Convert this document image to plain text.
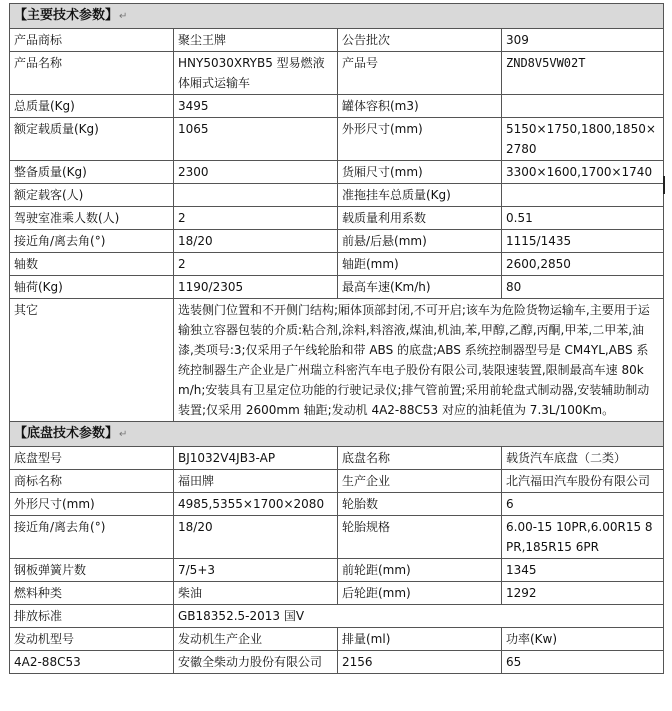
【主要技术参数】↵			
产品商标	聚尘王牌	公告批次	309
产品名称	HNY5030XRYB5 型易燃液体厢式运输车	产品号	ZND8V5VW02T
总质量(Kg)	3495	罐体容积(m3)	
额定载质量(Kg)	1065	外形尺寸(mm)	5150×1750,1800,1850×2780
整备质量(Kg)	2300	货厢尺寸(mm)	3300×1600,1700×1740
额定载客(人)		准拖挂车总质量(Kg)	
驾驶室准乘人数(人)	2	载质量利用系数	0.51
接近角/离去角(°)	18/20	前悬/后悬(mm)	1115/1435
轴数	2	轴距(mm)	2600,2850
轴荷(Kg)	1190/2305	最高车速(Km/h)	80
其它	选装侧门位置和不开侧门结构;厢体顶部封闭,不可开启;该车为危险货物运输车,主要用于运输独立容器包装的介质:粘合剂,涂料,料溶液,煤油,机油,苯,甲醇,乙醇,丙酮,甲苯,二甲苯,油漆,类项号:3;仅采用子午线轮胎和带 ABS 的底盘;ABS 系统控制器型号是 CM4YL,ABS 系统控制器生产企业是广州瑞立科密汽车电子股份有限公司,装限速装置,限制最高车速 80km/h;安装具有卫星定位功能的行驶记录仪;排气管前置;采用前轮盘式制动器,安装辅助制动装置;仅采用 2600mm 轴距;发动机 4A2-88C53 对应的油耗值为 7.3L/100Km。		
【底盘技术参数】↵			
底盘型号	BJ1032V4JB3-AP	底盘名称	载货汽车底盘（二类）
商标名称	福田牌	生产企业	北汽福田汽车股份有限公司
外形尺寸(mm)	4985,5355×1700×2080	轮胎数	6
接近角/离去角(°)	18/20	轮胎规格	6.00-15 10PR,6.00R15 8PR,185R15 6PR
钢板弹簧片数	7/5+3	前轮距(mm)	1345
燃料种类	柴油	后轮距(mm)	1292
排放标准	GB18352.5-2013 国V		
发动机型号	发动机生产企业	排量(ml)	功率(Kw)
4A2-88C53	安徽全柴动力股份有限公司	2156	65
